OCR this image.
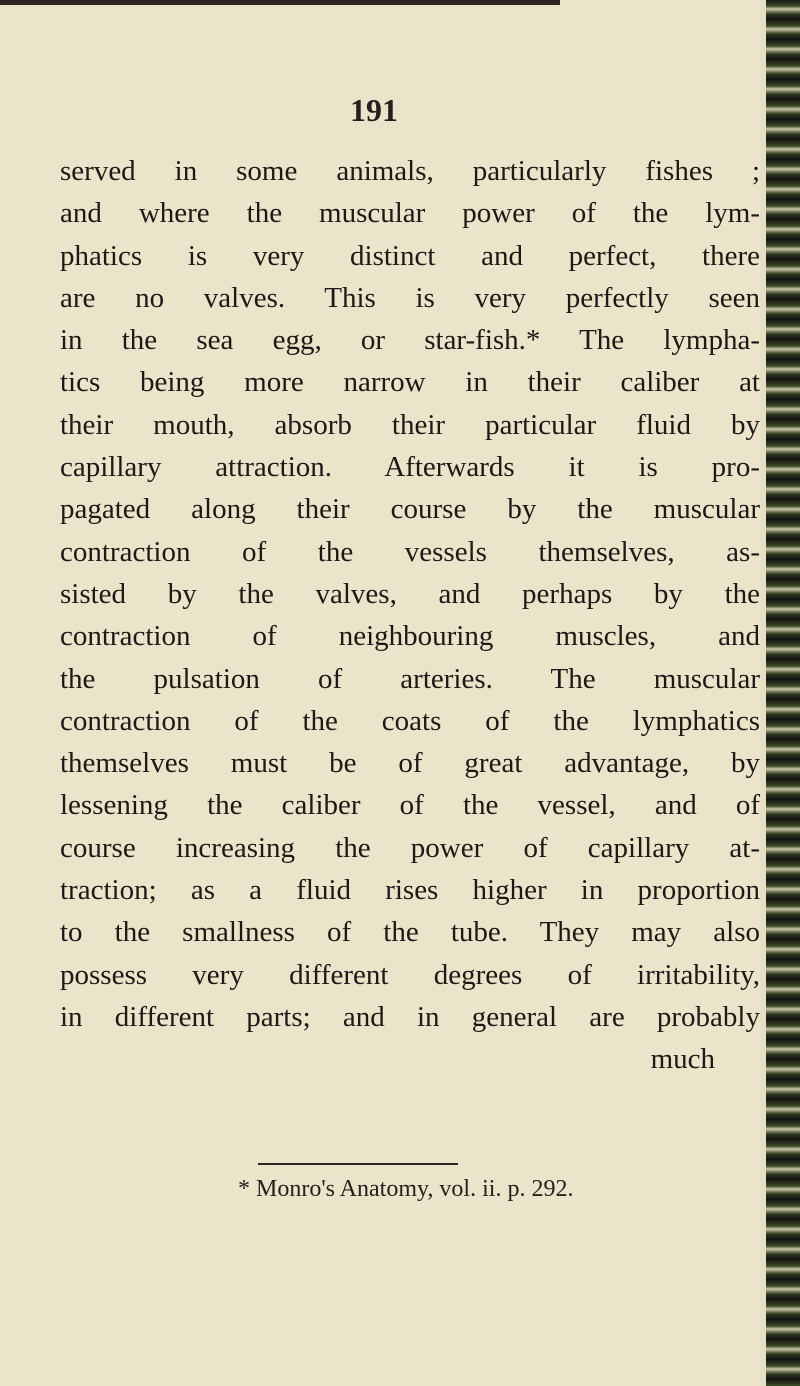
191
served in some animals, particularly fishes ;
and where the muscular power of the lym-
phatics is very distinct and perfect, there
are no valves. This is very perfectly seen
in the sea egg, or star-fish.* The lympha-
tics being more narrow in their caliber at
their mouth, absorb their particular fluid by
capillary attraction. Afterwards it is pro-
pagated along their course by the muscular
contraction of the vessels themselves, as-
sisted by the valves, and perhaps by the
contraction of neighbouring muscles, and
the pulsation of arteries. The muscular
contraction of the coats of the lymphatics
themselves must be of great advantage, by
lessening the caliber of the vessel, and of
course increasing the power of capillary at-
traction; as a fluid rises higher in proportion
to the smallness of the tube. They may also
possess very different degrees of irritability,
in different parts; and in general are probably
much
* Monro's Anatomy, vol. ii. p. 292.
